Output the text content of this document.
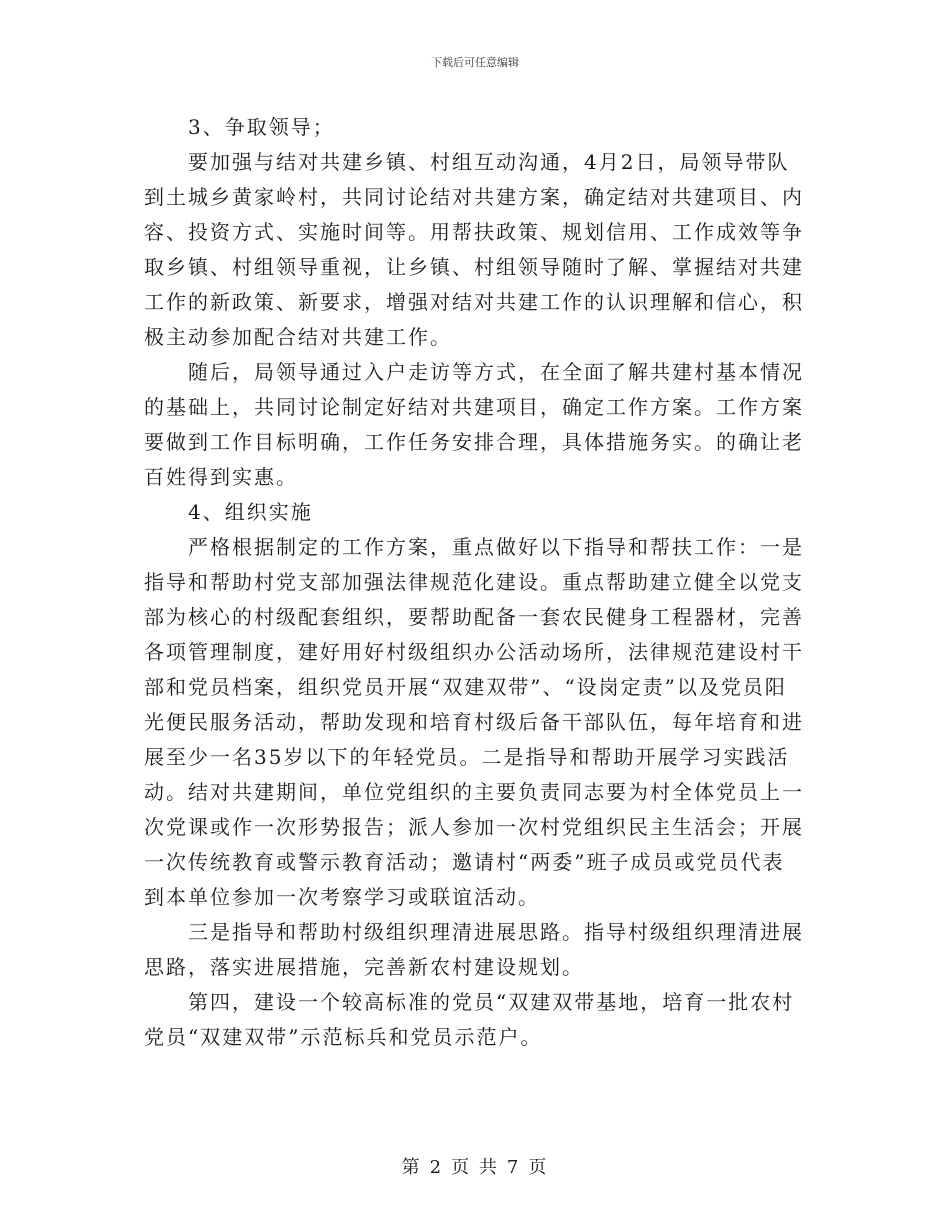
下载后可任意编辑

3、争取领导；

要加强与结对共建乡镇、村组互动沟通，4月2日，局领导带队到土城乡黄家岭村，共同讨论结对共建方案，确定结对共建项目、内容、投资方式、实施时间等。用帮扶政策、规划信用、工作成效等争取乡镇、村组领导重视，让乡镇、村组领导随时了解、掌握结对共建工作的新政策、新要求，增强对结对共建工作的认识理解和信心，积极主动参加配合结对共建工作。

随后，局领导通过入户走访等方式，在全面了解共建村基本情况的基础上，共同讨论制定好结对共建项目，确定工作方案。工作方案要做到工作目标明确，工作任务安排合理，具体措施务实。的确让老百姓得到实惠。

4、组织实施

严格根据制定的工作方案，重点做好以下指导和帮扶工作：一是指导和帮助村党支部加强法律规范化建设。重点帮助建立健全以党支部为核心的村级配套组织，要帮助配备一套农民健身工程器材，完善各项管理制度，建好用好村级组织办公活动场所，法律规范建设村干部和党员档案，组织党员开展“双建双带”、“设岗定责”以及党员阳光便民服务活动，帮助发现和培育村级后备干部队伍，每年培育和进展至少一名35岁以下的年轻党员。二是指导和帮助开展学习实践活动。结对共建期间，单位党组织的主要负责同志要为村全体党员上一次党课或作一次形势报告；派人参加一次村党组织民主生活会；开展一次传统教育或警示教育活动；邀请村“两委”班子成员或党员代表到本单位参加一次考察学习或联谊活动。

三是指导和帮助村级组织理清进展思路。指导村级组织理清进展思路，落实进展措施，完善新农村建设规划。

第四，建设一个较高标准的党员“双建双带基地，培育一批农村党员“双建双带”示范标兵和党员示范户。

第 2 页 共 7 页
